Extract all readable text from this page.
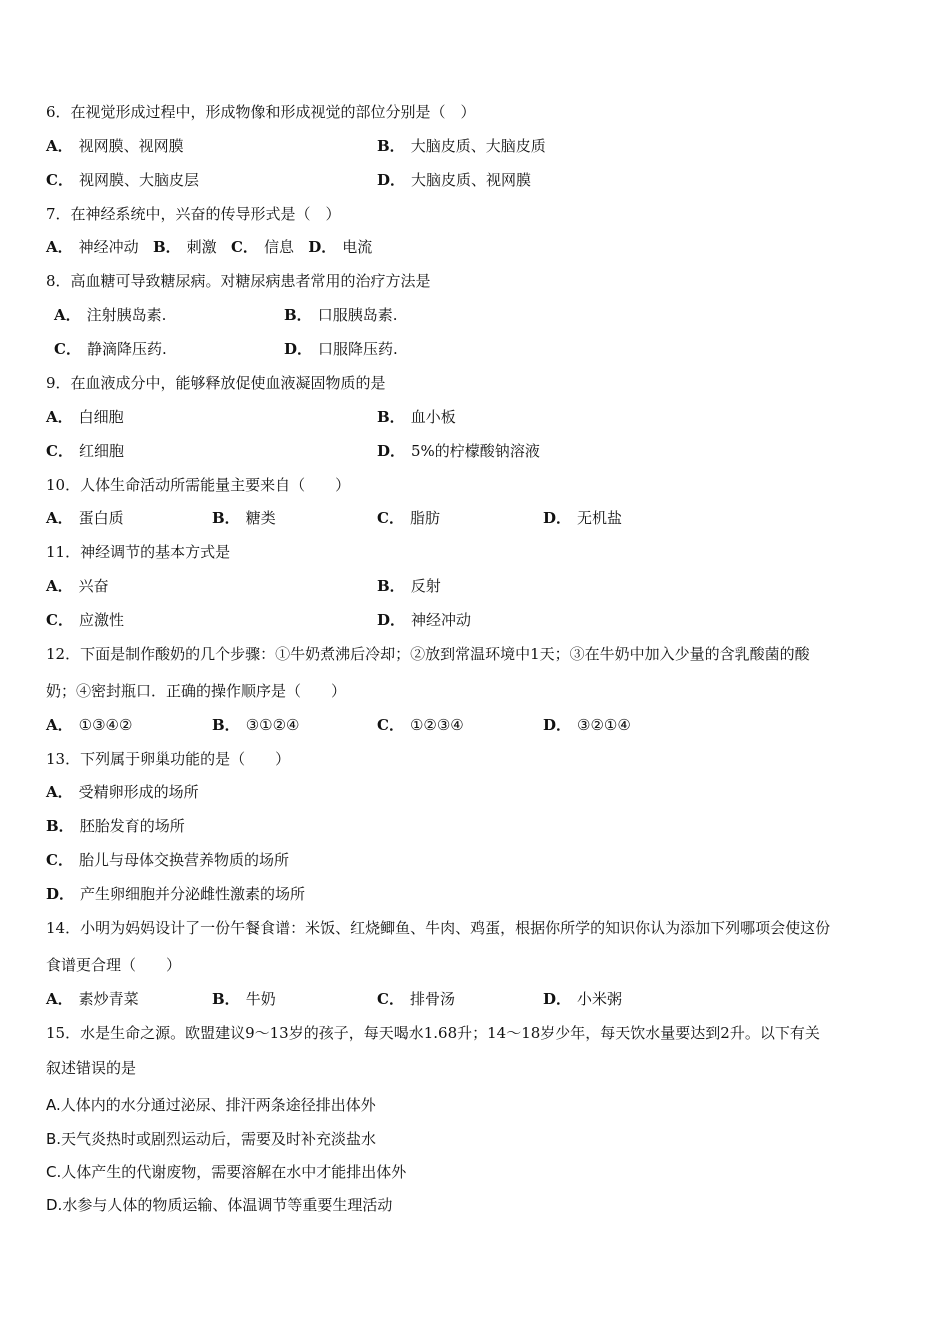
6．在视觉形成过程中，形成物像和形成视觉的部位分别是（　）
A． 视网膜、视网膜	B． 大脑皮质、大脑皮质
C． 视网膜、大脑皮层	D． 大脑皮质、视网膜
7．在神经系统中，兴奋的传导形式是（　）
A． 神经冲动 B． 刺激 C． 信息 D． 电流
8．高血糖可导致糖尿病。对糖尿病患者常用的治疗方法是
A． 注射胰岛素.	B． 口服胰岛素.
C． 静滴降压药.	D． 口服降压药.
9．在血液成分中，能够释放促使血液凝固物质的是
A． 白细胞	B． 血小板
C． 红细胞	D． 5%的柠檬酸钠溶液
10．人体生命活动所需能量主要来自（　　）
A． 蛋白质	B． 糖类	C． 脂肪	D． 无机盐
11．神经调节的基本方式是
A． 兴奋	B． 反射
C． 应激性	D． 神经冲动
12．下面是制作酸奶的几个步骤：①牛奶煮沸后冷却；②放到常温环境中1天；③在牛奶中加入少量的含乳酸菌的酸
奶；④密封瓶口．正确的操作顺序是（　　）
A． ①③④②	B． ③①②④	C． ①②③④	D． ③②①④
13．下列属于卵巢功能的是（　　）
A． 受精卵形成的场所
B． 胚胎发育的场所
C． 胎儿与母体交换营养物质的场所
D． 产生卵细胞并分泌雌性激素的场所
14．小明为妈妈设计了一份午餐食谱：米饭、红烧鲫鱼、牛肉、鸡蛋，根据你所学的知识你认为添加下列哪项会使这份
食谱更合理（　　）
A． 素炒青菜	B． 牛奶	C． 排骨汤	D． 小米粥
15．水是生命之源。欧盟建议9～13岁的孩子，每天喝水1.68升；14～18岁少年，每天饮水量要达到2升。以下有关
叙述错误的是
A.人体内的水分通过泌尿、排汗两条途径排出体外
B.天气炎热时或剧烈运动后，需要及时补充淡盐水
C.人体产生的代谢废物，需要溶解在水中才能排出体外
D.水参与人体的物质运输、体温调节等重要生理活动
